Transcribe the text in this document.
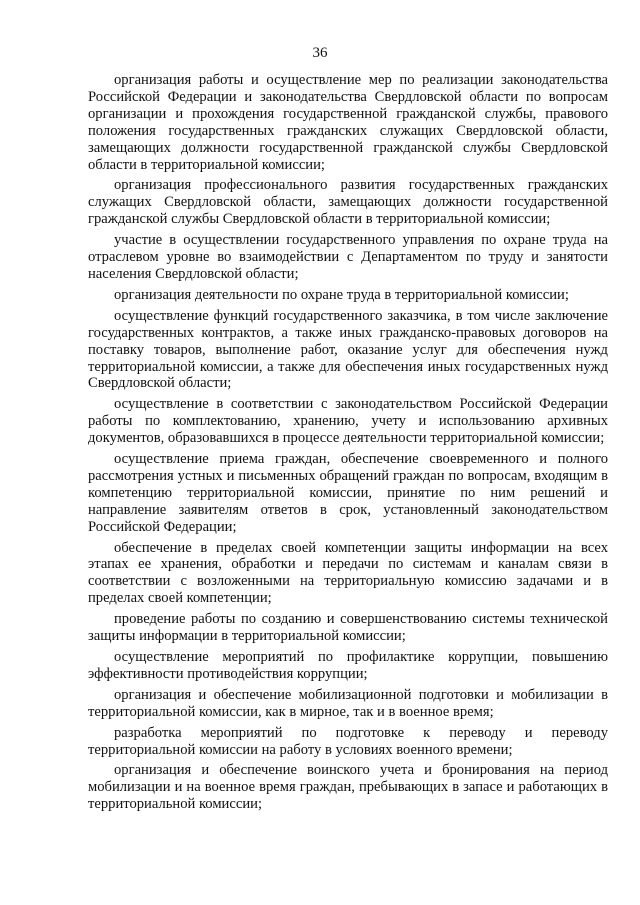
36

организация работы и осуществление мер по реализации законодательства Российской Федерации и законодательства Свердловской области по вопросам организации и прохождения государственной гражданской службы, правового положения государственных гражданских служащих Свердловской области, замещающих должности государственной гражданской службы Свердловской области в территориальной комиссии;

организация профессионального развития государственных гражданских служащих Свердловской области, замещающих должности государственной гражданской службы Свердловской области в территориальной комиссии;

участие в осуществлении государственного управления по охране труда на отраслевом уровне во взаимодействии с Департаментом по труду и занятости населения Свердловской области;

организация деятельности по охране труда в территориальной комиссии;

осуществление функций государственного заказчика, в том числе заключение государственных контрактов, а также иных гражданско-правовых договоров на поставку товаров, выполнение работ, оказание услуг для обеспечения нужд территориальной комиссии, а также для обеспечения иных государственных нужд Свердловской области;

осуществление в соответствии с законодательством Российской Федерации работы по комплектованию, хранению, учету и использованию архивных документов, образовавшихся в процессе деятельности территориальной комиссии;

осуществление приема граждан, обеспечение своевременного и полного рассмотрения устных и письменных обращений граждан по вопросам, входящим в компетенцию территориальной комиссии, принятие по ним решений и направление заявителям ответов в срок, установленный законодательством Российской Федерации;

обеспечение в пределах своей компетенции защиты информации на всех этапах ее хранения, обработки и передачи по системам и каналам связи в соответствии с возложенными на территориальную комиссию задачами и в пределах своей компетенции;

проведение работы по созданию и совершенствованию системы технической защиты информации в территориальной комиссии;

осуществление мероприятий по профилактике коррупции, повышению эффективности противодействия коррупции;

организация и обеспечение мобилизационной подготовки и мобилизации в территориальной комиссии, как в мирное, так и в военное время;

разработка мероприятий по подготовке к переводу и переводу территориальной комиссии на работу в условиях военного времени;

организация и обеспечение воинского учета и бронирования на период мобилизации и на военное время граждан, пребывающих в запасе и работающих в территориальной комиссии;
